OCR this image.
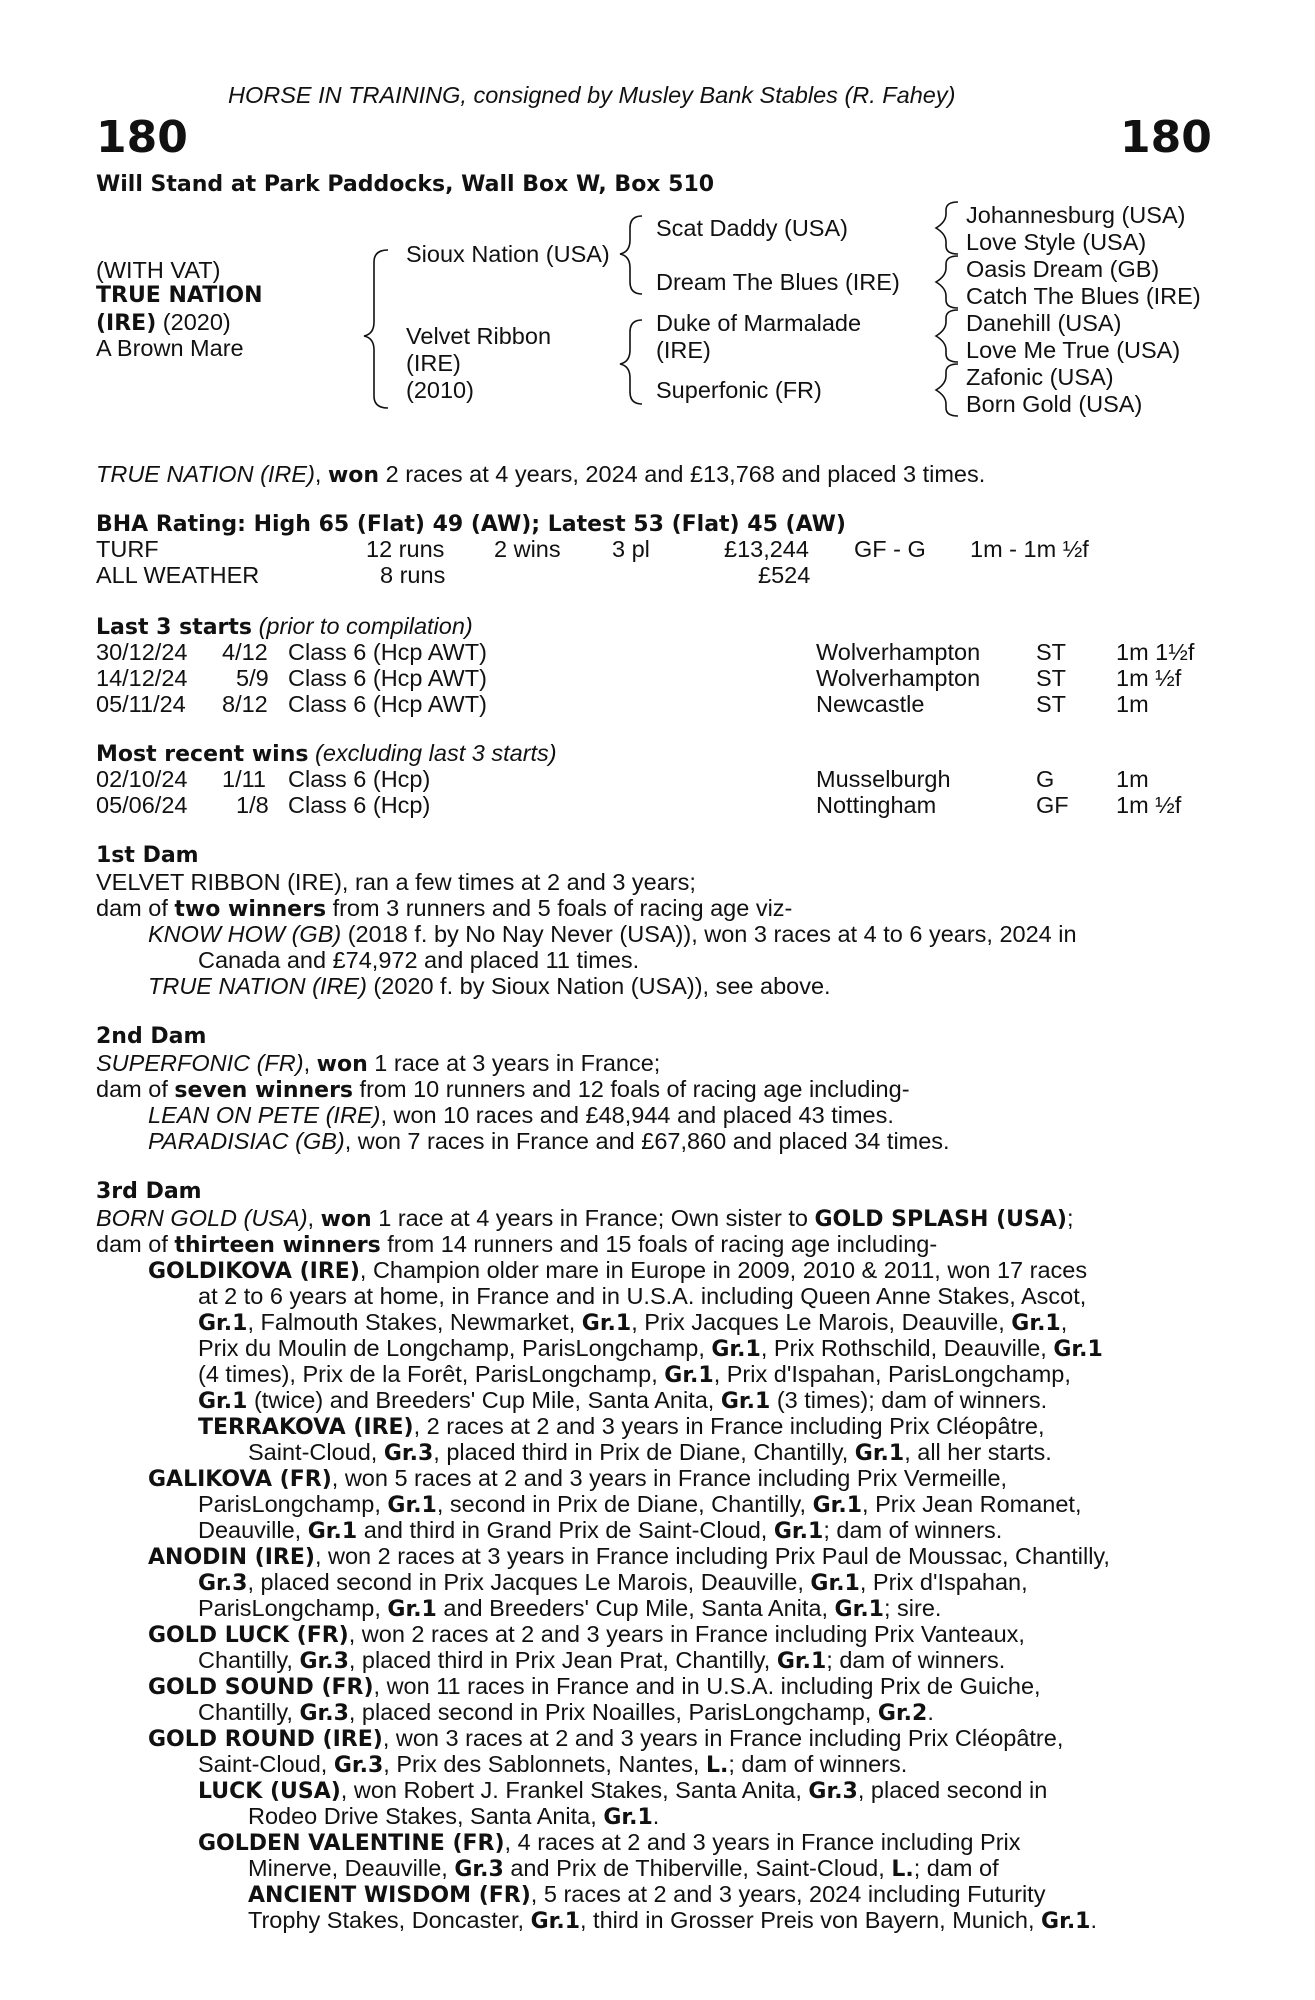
HORSE IN TRAINING, consigned by Musley Bank Stables (R. Fahey)
180	180
Will Stand at Park Paddocks, Wall Box W, Box 510
(WITH VAT)
TRUE NATION
(IRE) (2020)
A Brown Mare
Sioux Nation (USA)
Velvet Ribbon
(IRE)
(2010)
Scat Daddy (USA)
Dream The Blues (IRE)
Duke of Marmalade
(IRE)
Superfonic (FR)
Johannesburg (USA)
Love Style (USA)
Oasis Dream (GB)
Catch The Blues (IRE)
Danehill (USA)
Love Me True (USA)
Zafonic (USA)
Born Gold (USA)
TRUE NATION (IRE), won 2 races at 4 years, 2024 and £13,768 and placed 3 times.
BHA Rating: High 65 (Flat) 49 (AW); Latest 53 (Flat) 45 (AW)
TURF	12 runs 2 wins 3 pl	£13,244 GF - G 1m - 1m ½f
ALL WEATHER	8 runs	£524
Last 3 starts (prior to compilation)
30/12/24 4/12 Class 6 (Hcp AWT)	Wolverhampton ST 1m 1½f
14/12/24 5/9 Class 6 (Hcp AWT)	Wolverhampton ST 1m ½f
05/11/24 8/12 Class 6 (Hcp AWT)	Newcastle	ST 1m
Most recent wins (excluding last 3 starts)
02/10/24 1/11 Class 6 (Hcp)	Musselburgh	G	1m
05/06/24 1/8 Class 6 (Hcp)	Nottingham	GF 1m ½f
1st Dam
VELVET RIBBON (IRE), ran a few times at 2 and 3 years;
dam of two winners from 3 runners and 5 foals of racing age viz-
KNOW HOW (GB) (2018 f. by No Nay Never (USA)), won 3 races at 4 to 6 years, 2024 in
Canada and £74,972 and placed 11 times.
TRUE NATION (IRE) (2020 f. by Sioux Nation (USA)), see above.
2nd Dam
SUPERFONIC (FR), won 1 race at 3 years in France;
dam of seven winners from 10 runners and 12 foals of racing age including-
LEAN ON PETE (IRE), won 10 races and £48,944 and placed 43 times.
PARADISIAC (GB), won 7 races in France and £67,860 and placed 34 times.
3rd Dam
BORN GOLD (USA), won 1 race at 4 years in France; Own sister to GOLD SPLASH (USA);
dam of thirteen winners from 14 runners and 15 foals of racing age including-
GOLDIKOVA (IRE), Champion older mare in Europe in 2009, 2010 & 2011, won 17 races
at 2 to 6 years at home, in France and in U.S.A. including Queen Anne Stakes, Ascot,
Gr.1, Falmouth Stakes, Newmarket, Gr.1, Prix Jacques Le Marois, Deauville, Gr.1,
Prix du Moulin de Longchamp, ParisLongchamp, Gr.1, Prix Rothschild, Deauville, Gr.1
(4 times), Prix de la Forêt, ParisLongchamp, Gr.1, Prix d'Ispahan, ParisLongchamp,
Gr.1 (twice) and Breeders' Cup Mile, Santa Anita, Gr.1 (3 times); dam of winners.
TERRAKOVA (IRE), 2 races at 2 and 3 years in France including Prix Cléopâtre,
Saint-Cloud, Gr.3, placed third in Prix de Diane, Chantilly, Gr.1, all her starts.
GALIKOVA (FR), won 5 races at 2 and 3 years in France including Prix Vermeille,
ParisLongchamp, Gr.1, second in Prix de Diane, Chantilly, Gr.1, Prix Jean Romanet,
Deauville, Gr.1 and third in Grand Prix de Saint-Cloud, Gr.1; dam of winners.
ANODIN (IRE), won 2 races at 3 years in France including Prix Paul de Moussac, Chantilly,
Gr.3, placed second in Prix Jacques Le Marois, Deauville, Gr.1, Prix d'Ispahan,
ParisLongchamp, Gr.1 and Breeders' Cup Mile, Santa Anita, Gr.1; sire.
GOLD LUCK (FR), won 2 races at 2 and 3 years in France including Prix Vanteaux,
Chantilly, Gr.3, placed third in Prix Jean Prat, Chantilly, Gr.1; dam of winners.
GOLD SOUND (FR), won 11 races in France and in U.S.A. including Prix de Guiche,
Chantilly, Gr.3, placed second in Prix Noailles, ParisLongchamp, Gr.2.
GOLD ROUND (IRE), won 3 races at 2 and 3 years in France including Prix Cléopâtre,
Saint-Cloud, Gr.3, Prix des Sablonnets, Nantes, L.; dam of winners.
LUCK (USA), won Robert J. Frankel Stakes, Santa Anita, Gr.3, placed second in
Rodeo Drive Stakes, Santa Anita, Gr.1.
GOLDEN VALENTINE (FR), 4 races at 2 and 3 years in France including Prix
Minerve, Deauville, Gr.3 and Prix de Thiberville, Saint-Cloud, L.; dam of
ANCIENT WISDOM (FR), 5 races at 2 and 3 years, 2024 including Futurity
Trophy Stakes, Doncaster, Gr.1, third in Grosser Preis von Bayern, Munich, Gr.1.
